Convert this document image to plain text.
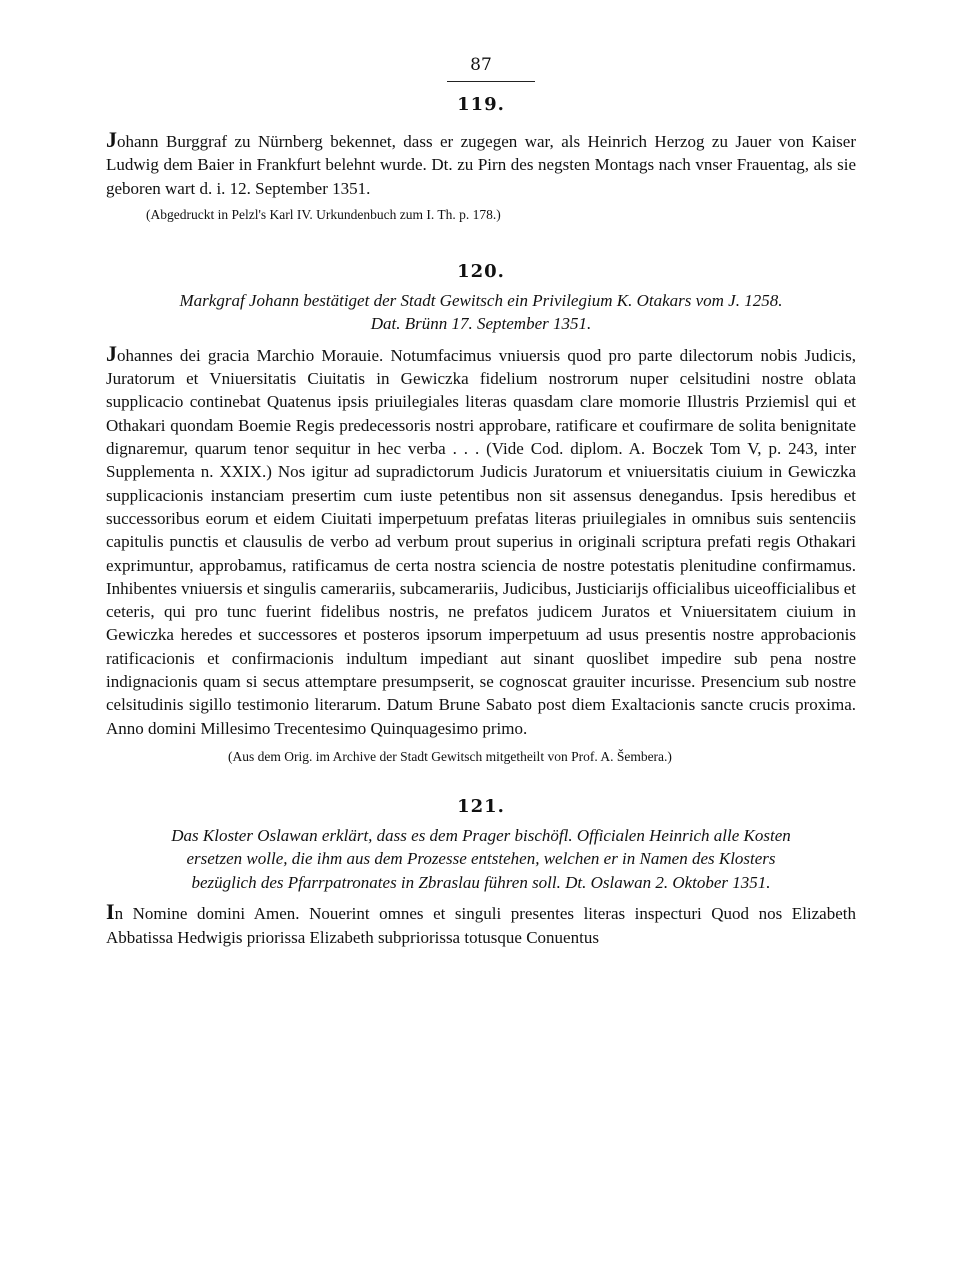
87

119.

Johann Burggraf zu Nürnberg bekennet, dass er zugegen war, als Heinrich Herzog zu Jauer von Kaiser Ludwig dem Baier in Frankfurt belehnt wurde. Dt. zu Pirn des negsten Montags nach vnser Frauentag, als sie geboren wart d. i. 12. September 1351.

(Abgedruckt in Pelzl's Karl IV. Urkundenbuch zum I. Th. p. 178.)

120.

Markgraf Johann bestätiget der Stadt Gewitsch ein Privilegium K. Otakars vom J. 1258.

Dat. Brünn 17. September 1351.

Johannes dei gracia Marchio Morauie. Notumfacimus vniuersis quod pro parte dilectorum nobis Judicis, Juratorum et Vniuersitatis Ciuitatis in Gewiczka fidelium nostrorum nuper celsitudini nostre oblata supplicacio continebat Quatenus ipsis priuilegiales literas quasdam clare momorie Illustris Prziemisl qui et Othakari quondam Boemie Regis predecessoris nostri approbare, ratificare et coufirmare de solita benignitate dignaremur, quarum tenor sequitur in hec verba . . . (Vide Cod. diplom. A. Boczek Tom V, p. 243, inter Supplementa n. XXIX.) Nos igitur ad supradictorum Judicis Juratorum et vniuersitatis ciuium in Gewiczka supplicacionis instanciam presertim cum iuste petentibus non sit assensus denegandus. Ipsis heredibus et successoribus eorum et eidem Ciuitati imperpetuum prefatas literas priuilegiales in omnibus suis sentenciis capitulis punctis et clausulis de verbo ad verbum prout superius in originali scriptura prefati regis Othakari exprimuntur, approbamus, ratificamus de certa nostra sciencia de nostre potestatis plenitudine confirmamus. Inhibentes vniuersis et singulis camerariis, subcamerariis, Judicibus, Justiciarijs officialibus uiceofficialibus et ceteris, qui pro tunc fuerint fidelibus nostris, ne prefatos judicem Juratos et Vniuersitatem ciuium in Gewiczka heredes et successores et posteros ipsorum imperpetuum ad usus presentis nostre approbacionis ratificacionis et confirmacionis indultum impediant aut sinant quoslibet impedire sub pena nostre indignacionis quam si secus attemptare presumpserit, se cognoscat grauiter incurisse. Presencium sub nostre celsitudinis sigillo testimonio literarum. Datum Brune Sabato post diem Exaltacionis sancte crucis proxima. Anno domini Millesimo Trecentesimo Quinquagesimo primo.

(Aus dem Orig. im Archive der Stadt Gewitsch mitgetheilt von Prof. A. Šembera.)

121.

Das Kloster Oslawan erklärt, dass es dem Prager bischöfl. Officialen Heinrich alle Kosten

ersetzen wolle, die ihm aus dem Prozesse entstehen, welchen er in Namen des Klosters

bezüglich des Pfarrpatronates in Zbraslau führen soll. Dt. Oslawan 2. Oktober 1351.

In Nomine domini Amen. Nouerint omnes et singuli presentes literas inspecturi Quod nos Elizabeth Abbatissa Hedwigis priorissa Elizabeth subpriorissa totusque Conuentus
